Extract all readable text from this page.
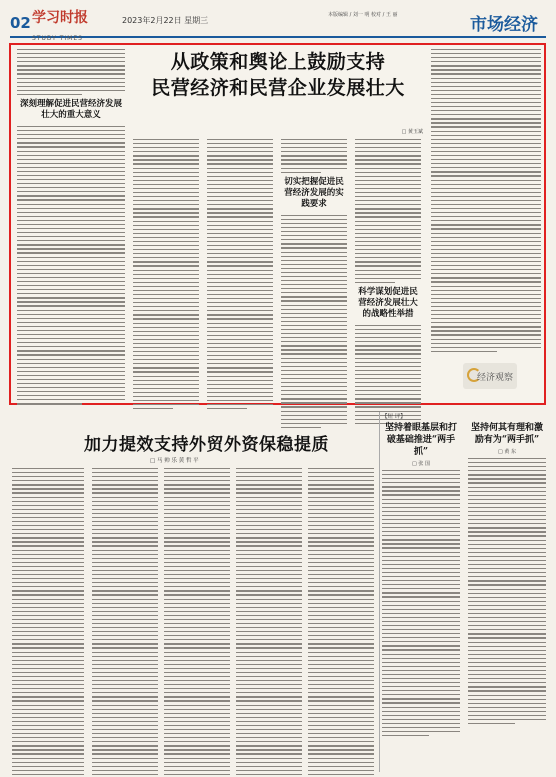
02 学习时报
STUDY TIMES
2023年2月22日 星期三
本版编辑 / 刘一 明 校对 / 王 丽	市场经济
深刻理解促进民营经济发展壮大的重大意义
从政策和舆论上鼓励支持
民营经济和民营企业发展壮大
□ 黄玉斌
切实把握促进民营经济发展的实践要求
科学谋划促进民营经济发展壮大的战略性举措
经济观察
加力提效支持外贸外资保稳提质
□ 马 帅 乐 黄 哲 平
【短 评】
坚持着眼基层和打破基础推进“两手抓”
□ 张 国
坚持何其有理和激励有为“两手抓”
□ 黄 东
